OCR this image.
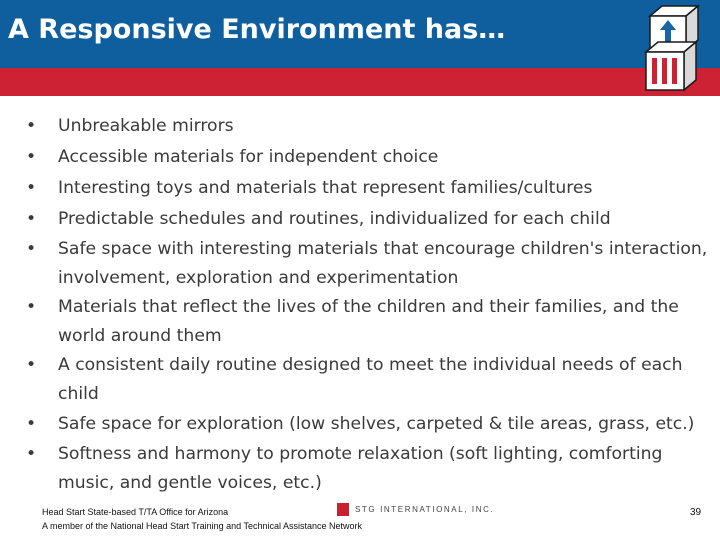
A Responsive Environment has…
• Unbreakable mirrors
• Accessible materials for independent choice
• Interesting toys and materials that represent families/cultures
• Predictable schedules and routines, individualized for each child
• Safe space with interesting materials that encourage children's interaction, involvement, exploration and experimentation
• Materials that reflect the lives of the children and their families, and the world around them
• A consistent daily routine designed to meet the individual needs of each child
• Safe space for exploration (low shelves, carpeted & tile areas, grass, etc.)
• Softness and harmony to promote relaxation (soft lighting, comforting music, and gentle voices, etc.)
Head Start State-based T/TA Office for Arizona
A member of the National Head Start Training and Technical Assistance Network
STG INTERNATIONAL, INC.	39
